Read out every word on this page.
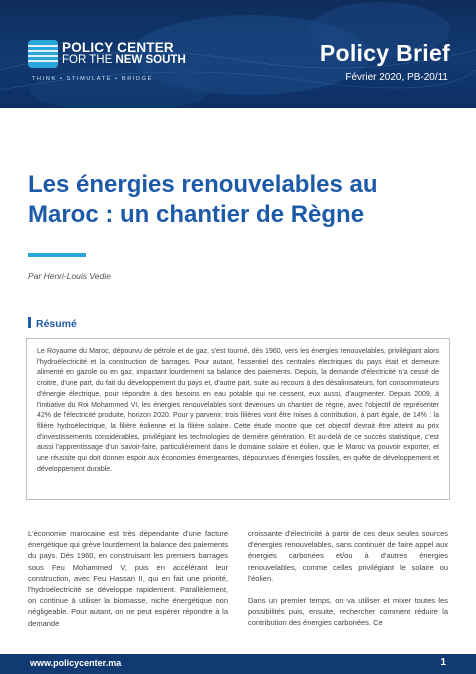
POLICY CENTER
FOR THE NEW SOUTH
THINK • STIMULATE • BRIDGE
Policy Brief
Février 2020, PB-20/11
Les énergies renouvelables au Maroc : un chantier de Règne
Par Henri-Louis Vedie
Résumé
Le Royaume du Maroc, dépourvu de pétrole et de gaz, s'est tourné, dès 1960, vers les énergies renouvelables, privilégiant alors l'hydroélectricité et la construction de barrages. Pour autant, l'essentiel des centrales électriques du pays était et demeure alimenté en gazole ou en gaz, impactant lourdement sa balance des paiements. Depuis, la demande d'électricité n'a cessé de croitre, d'une part, du fait du développement du pays et, d'autre part, suite au recours à des désalinisateurs, fort consommateurs d'énergie électrique, pour répondre à des besoins en eau potable qui ne cessent, eux aussi, d'augmenter. Depuis 2009, à l'initiative du Roi Mohammed VI, les énergies renouvelables sont devenues un chantier de règne, avec l'objectif de représenter 42% de l'électricité produite, horizon 2020. Pour y parvenir, trois filières vont être mises à contribution, à part égale, de 14% : la filière hydroélectrique, la filière éolienne et la filière solaire. Cette étude montre que cet objectif devrait être atteint au prix d'investissements considérables, privilégiant les technologies de dernière génération. Et au-delà de ce succès statistique, c'est aussi l'apprentissage d'un savoir-faire, particulièrement dans le domaine solaire et éolien, que le Maroc va pouvoir exporter, et une réussite qui doit donner espoir aux économies émergeantes, dépourvues d'énergies fossiles, en quête de développement et développement durable.

L'économie marocaine est très dépendante d'une facture énergétique qui grève lourdement la balance des paiements du pays. Dès 1960, en construisant les premiers barrages sous Feu Mohammed V, puis en accélérant leur construction, avec Feu Hassan II, qui en fait une priorité, l'hydroélectricité se développe rapidement. Parallèlement, on continue à utiliser la biomasse, niche énergétique non négligeable. Pour autant, on ne peut espérer répondre à la demande

croissante d'électricité à partir de ces deux seules sources d'énergies renouvelables, sans continuer de faire appel aux énergies carbonées et/ou à d'autres énergies renouvelables, comme celles privilégiant le solaire ou l'éolien.

Dans un premier temps, on va utiliser et mixer toutes les possibilités puis, ensuite, rechercher comment réduire la contribution des énergies carbonées. Ce

www.policycenter.ma	1
